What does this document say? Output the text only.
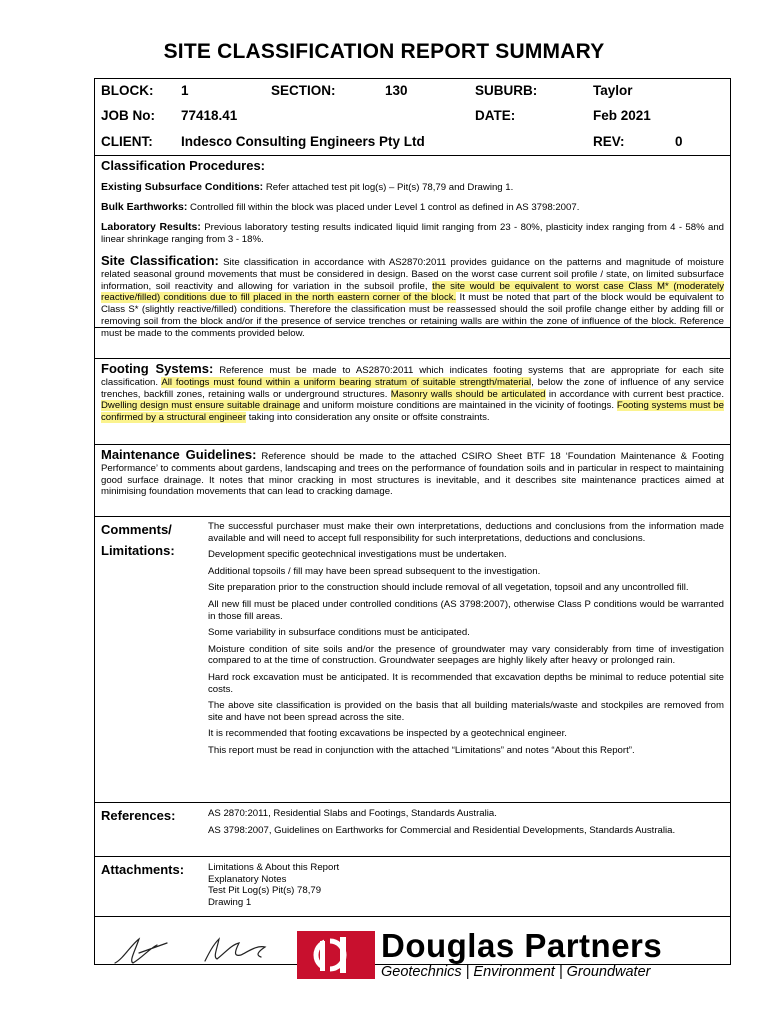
SITE CLASSIFICATION REPORT SUMMARY
BLOCK: 1	SECTION:	130	SUBURB:	Taylor
JOB No: 77418.41	DATE:	Feb 2021
CLIENT: Indesco Consulting Engineers Pty Ltd	REV:	0
Classification Procedures:
Existing Subsurface Conditions: Refer attached test pit log(s) – Pit(s) 78,79 and Drawing 1.
Bulk Earthworks: Controlled fill within the block was placed under Level 1 control as defined in AS 3798:2007.
Laboratory Results: Previous laboratory testing results indicated liquid limit ranging from 23 - 80%, plasticity index ranging from 4 - 58% and linear shrinkage ranging from 3 - 18%.
Site Classification: Site classification in accordance with AS2870:2011 provides guidance on the patterns and magnitude of moisture related seasonal ground movements that must be considered in design. Based on the worst case current soil profile / state, on limited subsurface information, soil reactivity and allowing for variation in the subsoil profile, the site would be equivalent to worst case Class M* (moderately reactive/filled) conditions due to fill placed in the north eastern corner of the block. It must be noted that part of the block would be equivalent to Class S* (slightly reactive/filled) conditions. Therefore the classification must be reassessed should the soil profile change either by adding fill or removing soil from the block and/or if the presence of service trenches or retaining walls are within the zone of influence of the block. Reference must be made to the comments provided below.
Footing Systems: Reference must be made to AS2870:2011 which indicates footing systems that are appropriate for each site classification. All footings must found within a uniform bearing stratum of suitable strength/material, below the zone of influence of any service trenches, backfill zones, retaining walls or underground structures. Masonry walls should be articulated in accordance with current best practice. Dwelling design must ensure suitable drainage and uniform moisture conditions are maintained in the vicinity of footings. Footing systems must be confirmed by a structural engineer taking into consideration any onsite or offsite constraints.
Maintenance Guidelines: Reference should be made to the attached CSIRO Sheet BTF 18 ‘Foundation Maintenance & Footing Performance’ to comments about gardens, landscaping and trees on the performance of foundation soils and in particular in respect to maintaining good surface drainage. It notes that minor cracking in most structures is inevitable, and it describes site maintenance practices aimed at minimising foundation movements that can lead to cracking damage.
Comments/
Limitations:

The successful purchaser must make their own interpretations, deductions and conclusions from the information made available and will need to accept full responsibility for such interpretations, deductions and conclusions.

Development specific geotechnical investigations must be undertaken.

Additional topsoils / fill may have been spread subsequent to the investigation.

Site preparation prior to the construction should include removal of all vegetation, topsoil and any uncontrolled fill.

All new fill must be placed under controlled conditions (AS 3798:2007), otherwise Class P conditions would be warranted in those fill areas.

Some variability in subsurface conditions must be anticipated.

Moisture condition of site soils and/or the presence of groundwater may vary considerably from time of investigation compared to at the time of construction. Groundwater seepages are highly likely after heavy or prolonged rain.

Hard rock excavation must be anticipated. It is recommended that excavation depths be minimal to reduce potential site costs.

The above site classification is provided on the basis that all building materials/waste and stockpiles are removed from site and have not been spread across the site.

It is recommended that footing excavations be inspected by a geotechnical engineer.

This report must be read in conjunction with the attached “Limitations” and notes “About this Report”.

References:	AS 2870:2011, Residential Slabs and Footings, Standards Australia.

AS 3798:2007, Guidelines on Earthworks for Commercial and Residential Developments, Standards Australia.

Attachments: Limitations & About this Report
Explanatory Notes
Test Pit Log(s) Pit(s) 78,79
Drawing 1
Douglas Partners
Geotechnics | Environment | Groundwater
